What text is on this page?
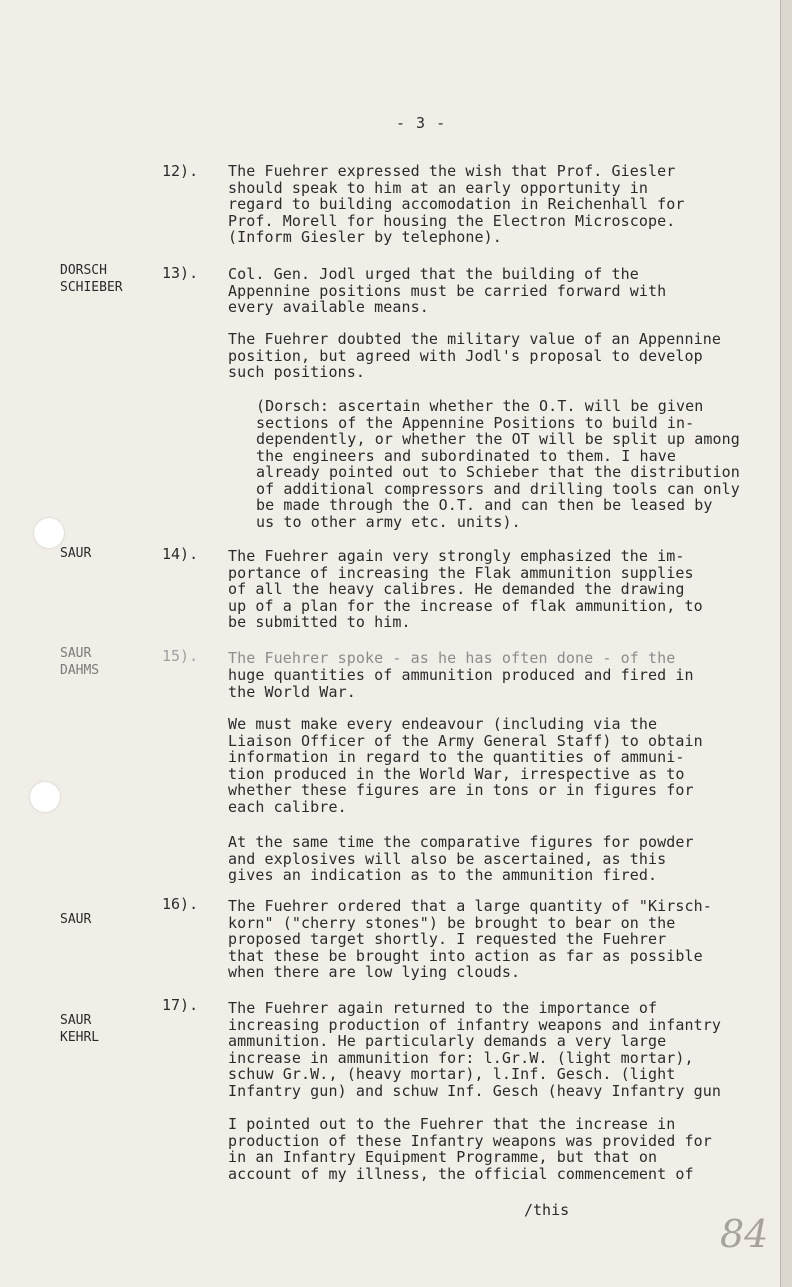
- 3 -
12). The Fuehrer expressed the wish that Prof. Giesler
should speak to him at an early opportunity in
regard to building accomodation in Reichenhall for
Prof. Morell for housing the Electron Microscope.
(Inform Giesler by telephone).
DORSCH
SCHIEBER
13). Col. Gen. Jodl urged that the building of the
Appennine positions must be carried forward with
every available means.
The Fuehrer doubted the military value of an Appennine
position, but agreed with Jodl's proposal to develop
such positions.
(Dorsch: ascertain whether the O.T. will be given
sections of the Appennine Positions to build in-
dependently, or whether the OT will be split up among
the engineers and subordinated to them. I have
already pointed out to Schieber that the distribution
of additional compressors and drilling tools can only
be made through the O.T. and can then be leased by
us to other army etc. units).
SAUR	14). The Fuehrer again very strongly emphasized the im-
portance of increasing the Flak ammunition supplies
of all the heavy calibres. He demanded the drawing
up of a plan for the increase of flak ammunition, to
be submitted to him.
SAUR
DAHMS
15). The Fuehrer spoke - as he has often done - of the
huge quantities of ammunition produced and fired in
the World War.
We must make every endeavour (including via the
Liaison Officer of the Army General Staff) to obtain
information in regard to the quantities of ammuni-
tion produced in the World War, irrespective as to
whether these figures are in tons or in figures for
each calibre.
At the same time the comparative figures for powder
and explosives will also be ascertained, as this
gives an indication as to the ammunition fired.
SAUR
16). The Fuehrer ordered that a large quantity of "Kirsch-
korn" ("cherry stones") be brought to bear on the
proposed target shortly. I requested the Fuehrer
that these be brought into action as far as possible
when there are low lying clouds.
SAUR
KEHRL
17). The Fuehrer again returned to the importance of
increasing production of infantry weapons and infantry
ammunition. He particularly demands a very large
increase in ammunition for: l.Gr.W. (light mortar),
schuw Gr.W., (heavy mortar), l.Inf. Gesch. (light
Infantry gun) and schuw Inf. Gesch (heavy Infantry gun
I pointed out to the Fuehrer that the increase in
production of these Infantry weapons was provided for
in an Infantry Equipment Programme, but that on
account of my illness, the official commencement of
/this
84
